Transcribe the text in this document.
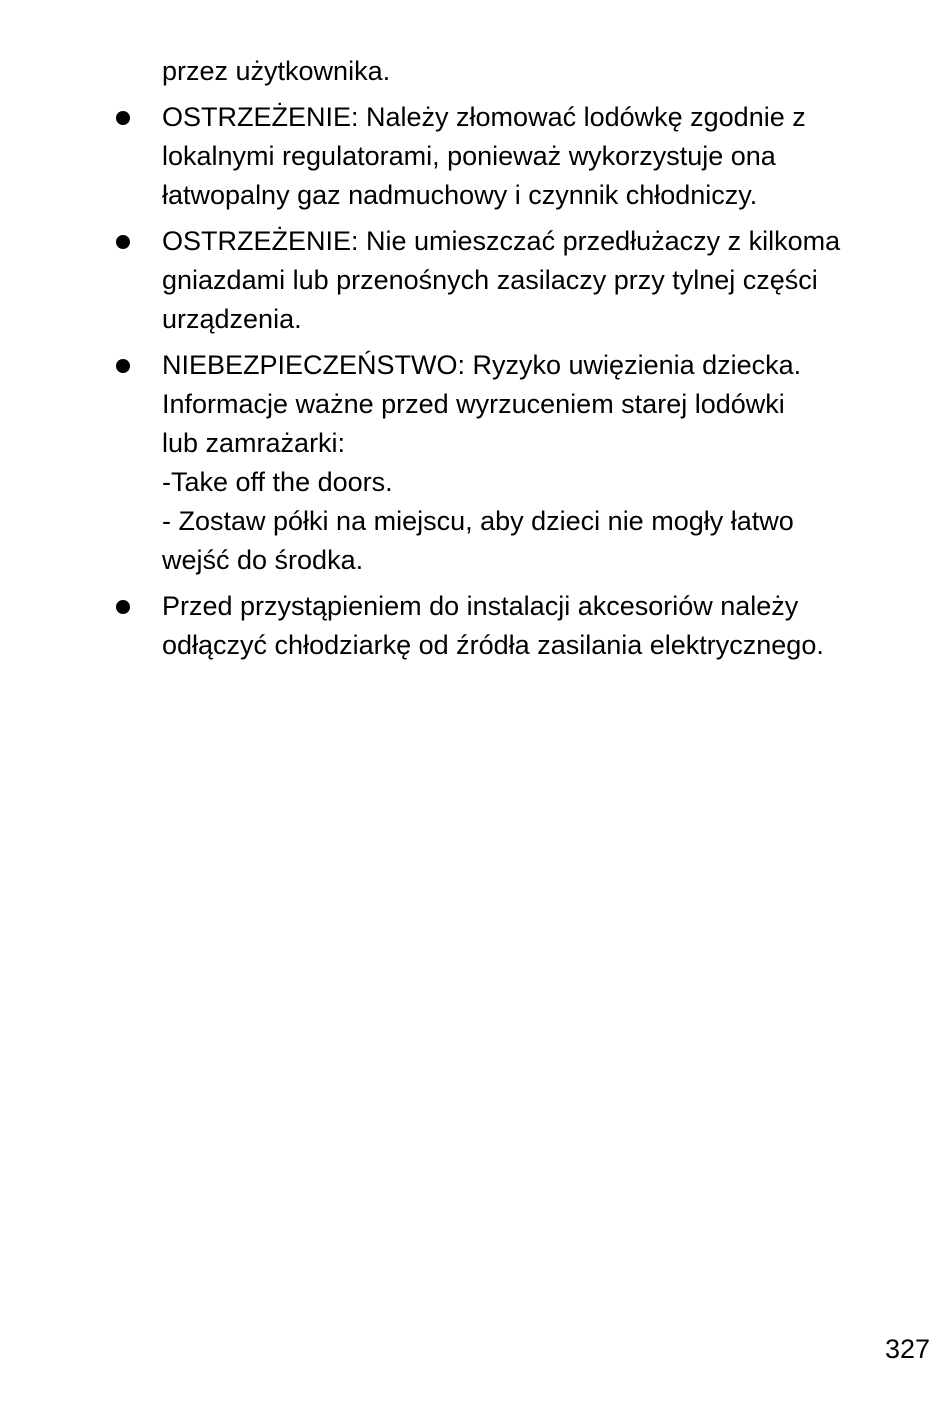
przez użytkownika.
OSTRZEŻENIE: Należy złomować lodówkę zgodnie z
lokalnymi regulatorami, ponieważ wykorzystuje ona
łatwopalny gaz nadmuchowy i czynnik chłodniczy.
OSTRZEŻENIE: Nie umieszczać przedłużaczy z kilkoma
gniazdami lub przenośnych zasilaczy przy tylnej części
urządzenia.
NIEBEZPIECZEŃSTWO: Ryzyko uwięzienia dziecka.
Informacje ważne przed wyrzuceniem starej lodówki
lub zamrażarki:
-Take off the doors.
- Zostaw półki na miejscu, aby dzieci nie mogły łatwo
wejść do środka.
Przed przystąpieniem do instalacji akcesoriów należy
odłączyć chłodziarkę od źródła zasilania elektrycznego.
327
